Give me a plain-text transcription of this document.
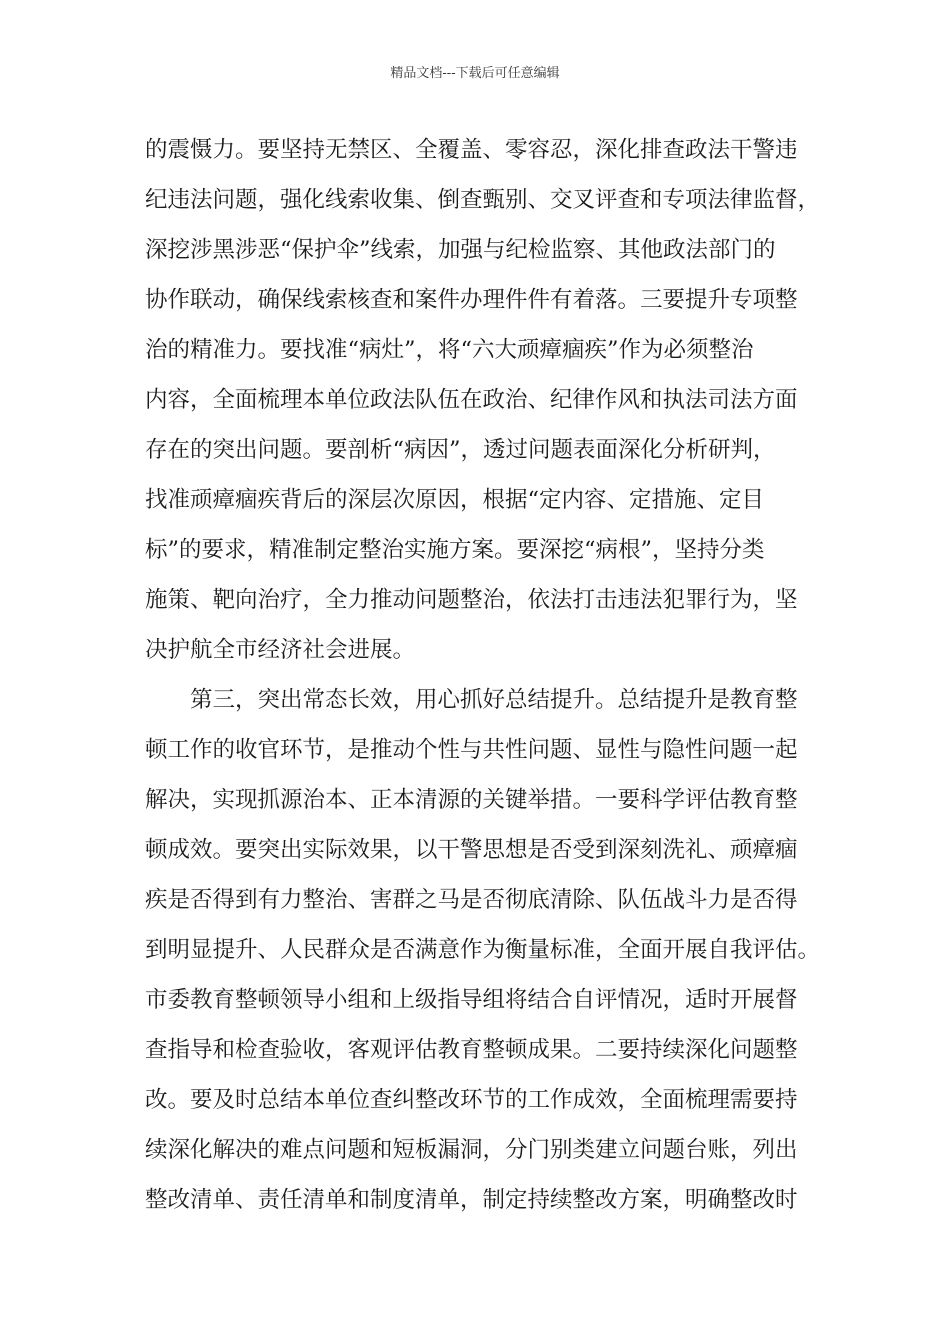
精品文档---下载后可任意编辑
的震慑力。要坚持无禁区、全覆盖、零容忍，深化排查政法干警违
纪违法问题，强化线索收集、倒查甄别、交叉评查和专项法律监督，
深挖涉黑涉恶“保护伞”线索，加强与纪检监察、其他政法部门的
协作联动，确保线索核查和案件办理件件有着落。三要提升专项整
治的精准力。要找准“病灶”，将“六大顽瘴痼疾”作为必须整治
内容，全面梳理本单位政法队伍在政治、纪律作风和执法司法方面
存在的突出问题。要剖析“病因”，透过问题表面深化分析研判，
找准顽瘴痼疾背后的深层次原因，根据“定内容、定措施、定目
标”的要求，精准制定整治实施方案。要深挖“病根”，坚持分类
施策、靶向治疗，全力推动问题整治，依法打击违法犯罪行为，坚
决护航全市经济社会进展。
第三，突出常态长效，用心抓好总结提升。总结提升是教育整
顿工作的收官环节，是推动个性与共性问题、显性与隐性问题一起
解决，实现抓源治本、正本清源的关键举措。一要科学评估教育整
顿成效。要突出实际效果，以干警思想是否受到深刻洗礼、顽瘴痼
疾是否得到有力整治、害群之马是否彻底清除、队伍战斗力是否得
到明显提升、人民群众是否满意作为衡量标准，全面开展自我评估。
市委教育整顿领导小组和上级指导组将结合自评情况，适时开展督
查指导和检查验收，客观评估教育整顿成果。二要持续深化问题整
改。要及时总结本单位查纠整改环节的工作成效，全面梳理需要持
续深化解决的难点问题和短板漏洞，分门别类建立问题台账，列出
整改清单、责任清单和制度清单，制定持续整改方案，明确整改时
